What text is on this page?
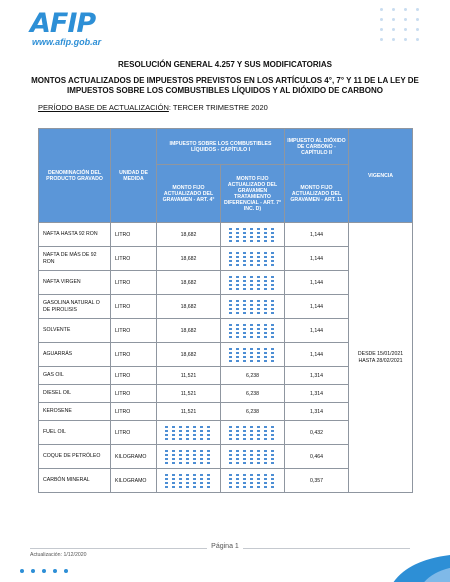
AFIP
www.afip.gob.ar
RESOLUCIÓN GENERAL 4.257 Y SUS MODIFICATORIAS
MONTOS ACTUALIZADOS DE IMPUESTOS PREVISTOS EN LOS ARTÍCULOS 4°, 7° Y 11 DE LA LEY DE IMPUESTOS SOBRE LOS COMBUSTIBLES LÍQUIDOS Y AL DIÓXIDO DE CARBONO
PERÍODO BASE DE ACTUALIZACIÓN: TERCER TRIMESTRE 2020
DENOMINACIÓN DEL PRODUCTO GRAVADO	UNIDAD DE MEDIDA	IMPUESTO SOBRE LOS COMBUSTIBLES LÍQUIDOS - CAPÍTULO I		IMPUESTO AL DIÓXIDO DE CARBONO - CAPÍTULO II	VIGENCIA
		MONTO FIJO ACTUALIZADO DEL GRAVAMEN - ART. 4°	MONTO FIJO ACTUALIZADO DEL GRAVAMEN TRATAMIENTO DIFERENCIAL - ART. 7° INC. D)	MONTO FIJO ACTUALIZADO DEL GRAVAMEN - ART. 11	
NAFTA HASTA 92 RON	LITRO	18,682		1,144	DESDE 15/01/2021 HASTA 28/02/2021
NAFTA DE MÁS DE 92 RON	LITRO	18,682		1,144	
NAFTA VIRGEN	LITRO	18,682		1,144	
GASOLINA NATURAL O DE PIROLISIS	LITRO	18,682		1,144	
SOLVENTE	LITRO	18,682		1,144	
AGUARRÁS	LITRO	18,682		1,144	
GAS OIL	LITRO	11,521	6,238	1,314	
DIESEL OIL	LITRO	11,521	6,238	1,314	
KEROSENE	LITRO	11,521	6,238	1,314	
FUEL OIL	LITRO			0,432	
COQUE DE PETRÓLEO	KILOGRAMO			0,464	
CARBÓN MINERAL	KILOGRAMO			0,357	
Página 1
Actualización: 1/12/2020
